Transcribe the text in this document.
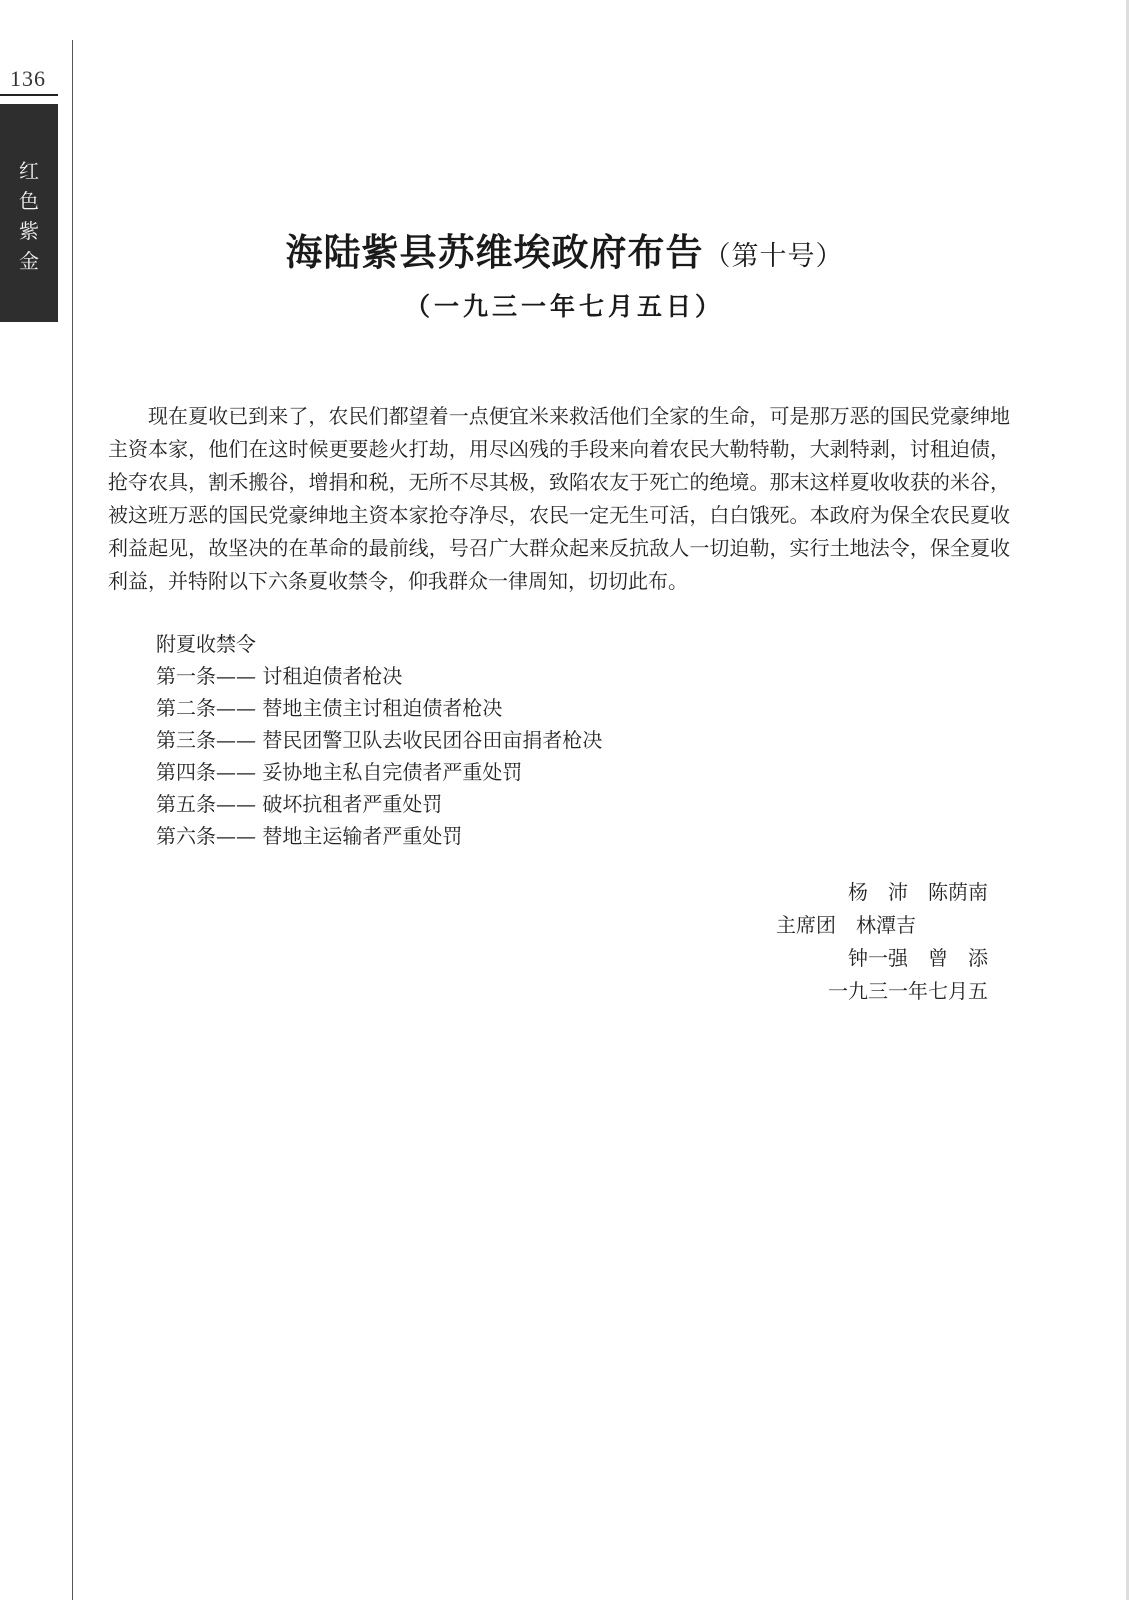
136
红
色
紫
金	海陆紫县苏维埃政府布告（第十号）
（一九三一年七月五日）

现在夏收已到来了，农民们都望着一点便宜米来救活他们全家的生命，可是那万恶的国民党豪绅地主资本家，他们在这时候更要趁火打劫，用尽凶残的手段来向着农民大勒特勒，大剥特剥，讨租迫债，抢夺农具，割禾搬谷，增捐和税，无所不尽其极，致陷农友于死亡的绝境。那末这样夏收收获的米谷，被这班万恶的国民党豪绅地主资本家抢夺净尽，农民一定无生可活，白白饿死。本政府为保全农民夏收利益起见，故坚决的在革命的最前线，号召广大群众起来反抗敌人一切迫勒，实行土地法令，保全夏收利益，并特附以下六条夏收禁令，仰我群众一律周知，切切此布。

附夏收禁令
第一条—— 讨租迫债者枪决
第二条—— 替地主债主讨租迫债者枪决
第三条—— 替民团警卫队去收民团谷田亩捐者枪决
第四条—— 妥协地主私自完债者严重处罚
第五条—— 破坏抗租者严重处罚
第六条—— 替地主运输者严重处罚
杨　沛　陈荫南
主席团　林潭吉
钟一强　曾　添
一九三一年七月五
